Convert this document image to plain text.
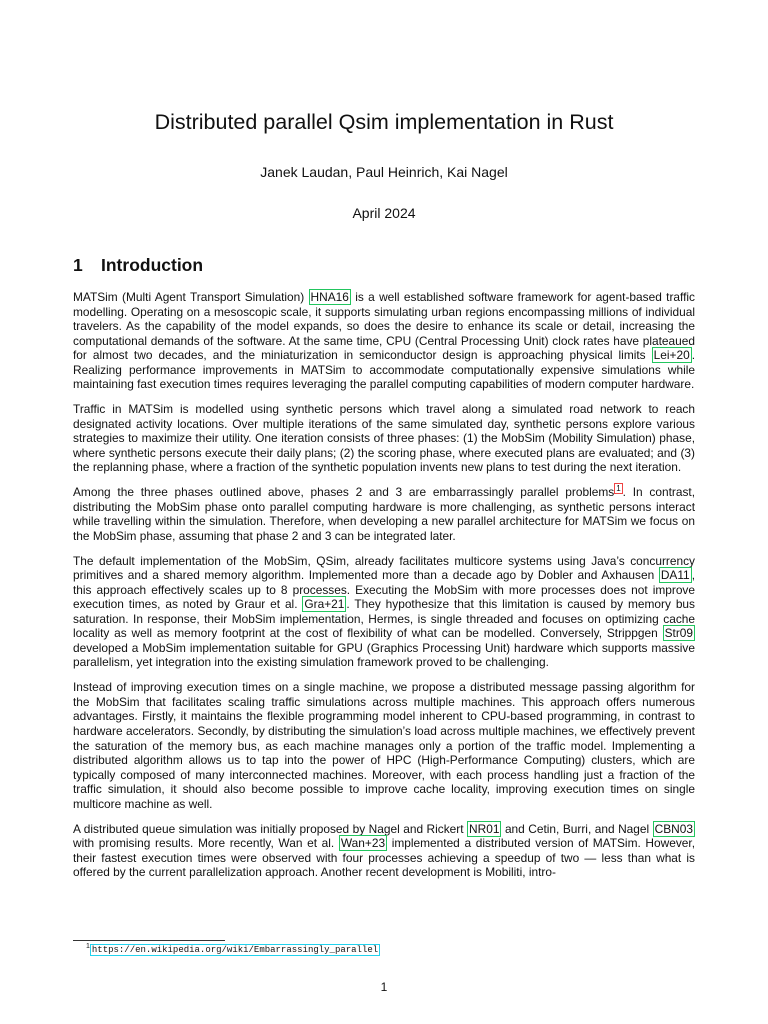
Distributed parallel Qsim implementation in Rust
Janek Laudan, Paul Heinrich, Kai Nagel
April 2024
1 Introduction

MATSim (Multi Agent Transport Simulation) HNA16 is a well established software framework for agent-based traffic modelling. Operating on a mesoscopic scale, it supports simulating urban regions encompassing millions of individual travelers. As the capability of the model expands, so does the desire to enhance its scale or detail, increasing the computational demands of the software. At the same time, CPU (Central Processing Unit) clock rates have plateaued for almost two decades, and the miniaturization in semiconductor design is approaching physical limits Lei+20 . Realizing performance improvements in MATSim to accommodate computationally expensive simulations while maintaining fast execution times requires leveraging the parallel computing capabilities of modern computer hardware.

Traffic in MATSim is modelled using synthetic persons which travel along a simulated road network to reach designated activity locations. Over multiple iterations of the same simulated day, synthetic persons explore various strategies to maximize their utility. One iteration consists of three phases: (1) the MobSim (Mobility Simulation) phase, where synthetic persons execute their daily plans; (2) the scoring phase, where executed plans are evaluated; and (3) the replanning phase, where a fraction of the synthetic population invents new plans to test during the next iteration.

Among the three phases outlined above, phases 2 and 3 are embarrassingly parallel problems $^1$ . In contrast, distributing the MobSim phase onto parallel computing hardware is more challenging, as synthetic persons interact while travelling within the simulation. Therefore, when developing a new parallel architecture for MATSim we focus on the MobSim phase, assuming that phase 2 and 3 can be integrated later.

The default implementation of the MobSim, QSim, already facilitates multicore systems using Java’s concurrency primitives and a shared memory algorithm. Implemented more than a decade ago by Dobler and Axhausen DA11 , this approach effectively scales up to 8 processes. Executing the MobSim with more processes does not improve execution times, as noted by Graur et al. Gra+21 . They hypothesize that this limitation is caused by memory bus saturation. In response, their MobSim implementation, Hermes, is single threaded and focuses on optimizing cache locality as well as memory footprint at the cost of flexibility of what can be modelled. Conversely, Strippgen Str09 developed a MobSim implementation suitable for GPU (Graphics Processing Unit) hardware which supports massive parallelism, yet integration into the existing simulation framework proved to be challenging.

Instead of improving execution times on a single machine, we propose a distributed message passing algorithm for the MobSim that facilitates scaling traffic simulations across multiple machines. This approach offers numerous advantages. Firstly, it maintains the flexible programming model inherent to CPU-based programming, in contrast to hardware accelerators. Secondly, by distributing the simulation’s load across multiple machines, we effectively prevent the saturation of the memory bus, as each machine manages only a portion of the traffic model. Implementing a distributed algorithm allows us to tap into the power of HPC (High-Performance Computing) clusters, which are typically composed of many interconnected machines. Moreover, with each process handling just a fraction of the traffic simulation, it should also become possible to improve cache locality, improving execution times on single multicore machine as well.

A distributed queue simulation was initially proposed by Nagel and Rickert NR01 and Cetin, Burri, and Nagel CBN03 with promising results. More recently, Wan et al. Wan+23 implemented a distributed version of MATSim. However, their fastest execution times were observed with four processes achieving a speedup of two — less than what is offered by the current parallelization approach. Another recent development is Mobiliti, intro-

$^1$ https://en.wikipedia.org/wiki/Embarrassingly_parallel
1
